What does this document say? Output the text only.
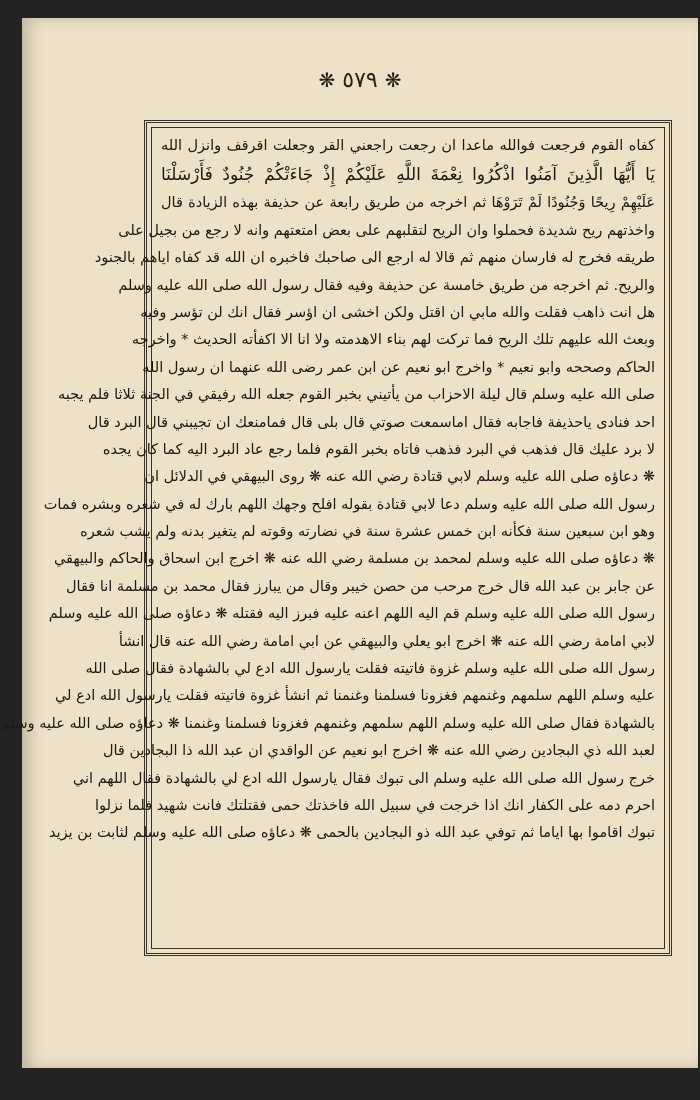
❋ ٥٧٩ ❋
كفاه القوم فرجعت فوالله ماعدا ان رجعت راجعني القر وجعلت اقرقف وانزل الله
يَا أَيُّهَا الَّذِينَ آمَنُوا اذْكُرُوا نِعْمَةَ اللَّهِ عَلَيْكُمْ إِذْ جَاءَتْكُمْ جُنُودٌ فَأَرْسَلْنَا
عَلَيْهِمْ رِيحًا وَجُنُودًا لَمْ تَرَوْهَا ثم اخرجه من طريق رابعة عن حذيفة بهذه الزيادة قال
واخذتهم ريح شديدة فحملوا وان الريح لتقلبهم على بعض امتعتهم وانه لا رجع من بجيل على
طريقه فخرج له فارسان منهم ثم قالا له ارجع الى صاحبك فاخبره ان الله قد كفاه اياهم بالجنود
والريح. ثم اخرجه من طريق خامسة عن حذيفة وفيه فقال رسول الله صلى الله عليه وسلم
هل انت ذاهب فقلت والله مابي ان اقتل ولكن اخشى ان اؤسر فقال انك لن تؤسر وفيه
وبعث الله عليهم تلك الريح فما تركت لهم بناء الاهدمته ولا انا الا اكفأته الحديث * واخرجه
الحاكم وصححه وابو نعيم * واخرج ابو نعيم عن ابن عمر رضى الله عنهما ان رسول الله
صلى الله عليه وسلم قال ليلة الاحزاب من يأتيني بخبر القوم جعله الله رفيقي في الجنة ثلاثا فلم يجبه
احد فنادى ياحذيفة فاجابه فقال اماسمعت صوتي قال بلى قال فمامنعك ان تجيبني قال البرد قال
لا برد عليك قال فذهب في البرد فذهب فاتاه بخبر القوم فلما رجع عاد البرد اليه كما كان يجده
❋ دعاؤه صلى الله عليه وسلم لابي قتادة رضي الله عنه ❋ روى البيهقي في الدلائل ان
رسول الله صلى الله عليه وسلم دعا لابي قتادة بقوله افلح وجهك اللهم بارك له في شعره وبشره فمات
وهو ابن سبعين سنة فكأنه ابن خمس عشرة سنة في نضارته وقوته لم يتغير بدنه ولم يشب شعره
❋ دعاؤه صلى الله عليه وسلم لمحمد بن مسلمة رضي الله عنه ❋ اخرج ابن اسحاق والحاكم والبيهقي
عن جابر بن عبد الله قال خرج مرحب من حصن خيبر وقال من يبارز فقال محمد بن مسلمة انا فقال
رسول الله صلى الله عليه وسلم قم اليه اللهم اعنه عليه فبرز اليه فقتله ❋ دعاؤه صلى الله عليه وسلم
لابي امامة رضي الله عنه ❋ اخرج ابو يعلي والبيهقي عن ابي امامة رضي الله عنه قال انشأ
رسول الله صلى الله عليه وسلم غزوة فاتيته فقلت يارسول الله ادع لي بالشهادة فقال صلى الله
عليه وسلم اللهم سلمهم وغنمهم فغزونا فسلمنا وغنمنا ثم انشأ غزوة فاتيته فقلت يارسول الله ادع لي
بالشهادة فقال صلى الله عليه وسلم اللهم سلمهم وغنمهم فغزونا فسلمنا وغنمنا ❋ دعاؤه صلى الله عليه وسلم
لعبد الله ذي البجادين رضي الله عنه ❋ اخرج ابو نعيم عن الواقدي ان عبد الله ذا البجادين قال
خرج رسول الله صلى الله عليه وسلم الى تبوك فقال يارسول الله ادع لي بالشهادة فقال اللهم اني
احرم دمه على الكفار انك اذا خرجت في سبيل الله فاخذتك حمى فقتلتك فانت شهيد فلما نزلوا
تبوك اقاموا بها اياما ثم توفي عبد الله ذو البجادين بالحمى ❋ دعاؤه صلى الله عليه وسلم لثابت بن يزيد
